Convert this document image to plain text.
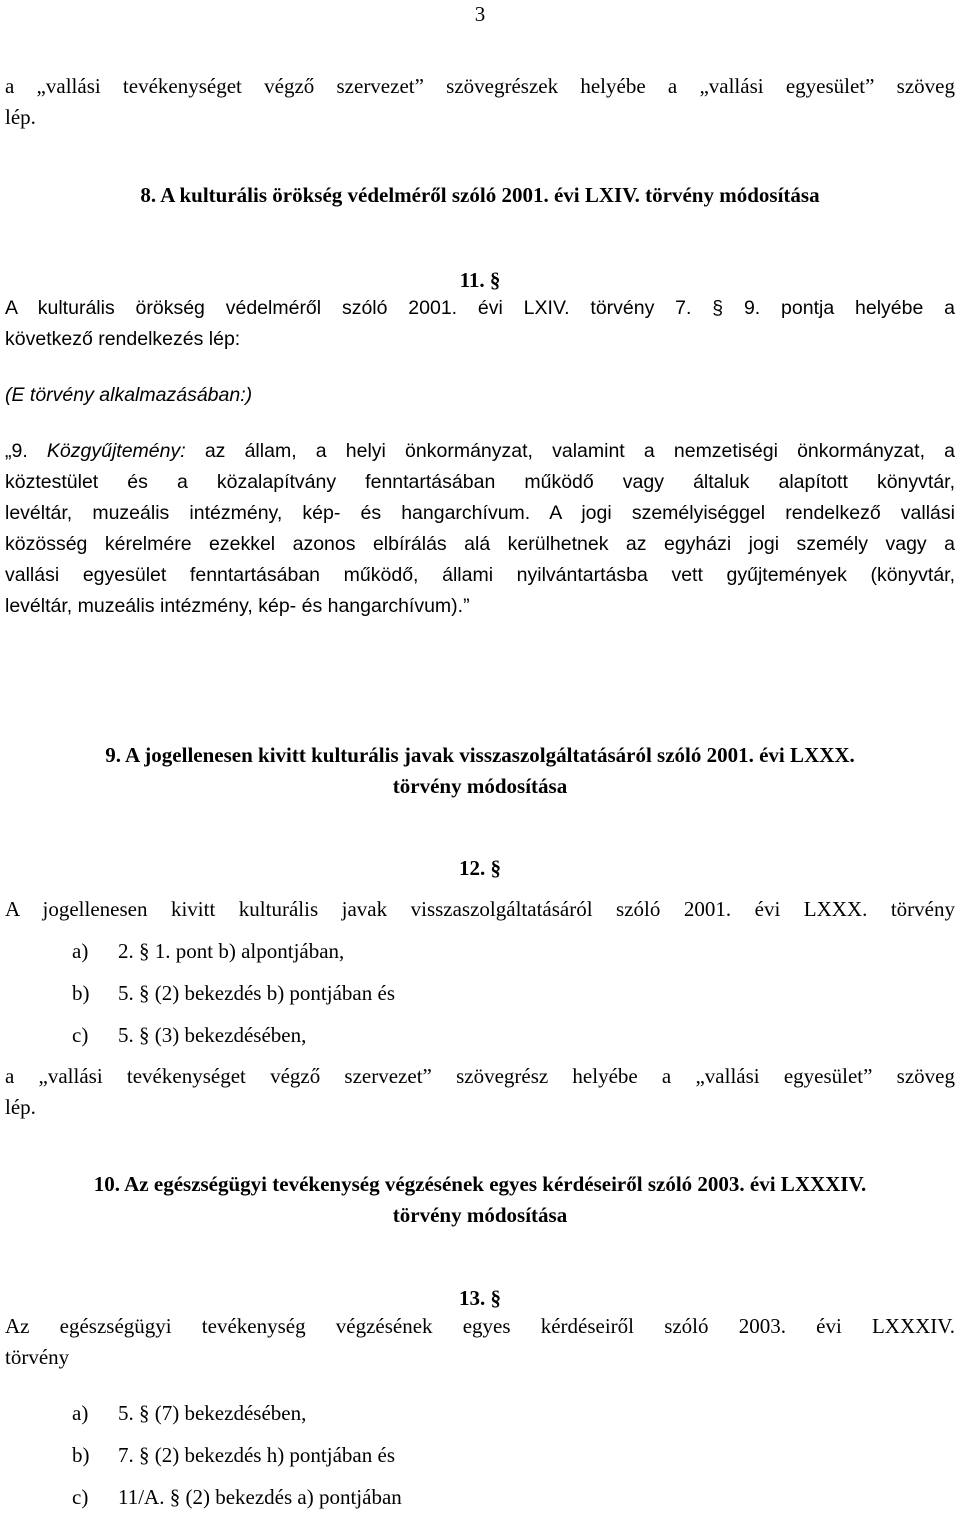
3
a „vallási tevékenységet végző szervezet” szövegrészek helyébe a „vallási egyesület” szöveg
lép.
8. A kulturális örökség védelméről szóló 2001. évi LXIV. törvény módosítása
11. §
A kulturális örökség védelméről szóló 2001. évi LXIV. törvény 7. § 9. pontja helyébe a
következő rendelkezés lép:
(E törvény alkalmazásában:)
„9. Közgyűjtemény: az állam, a helyi önkormányzat, valamint a nemzetiségi önkormányzat, a
köztestület és a közalapítvány fenntartásában működő vagy általuk alapított könyvtár,
levéltár, muzeális intézmény, kép- és hangarchívum. A jogi személyiséggel rendelkező vallási
közösség kérelmére ezekkel azonos elbírálás alá kerülhetnek az egyházi jogi személy vagy a
vallási egyesület fenntartásában működő, állami nyilvántartásba vett gyűjtemények (könyvtár,
levéltár, muzeális intézmény, kép- és hangarchívum).”
9. A jogellenesen kivitt kulturális javak visszaszolgáltatásáról szóló 2001. évi LXXX.
törvény módosítása
12. §
A jogellenesen kivitt kulturális javak visszaszolgáltatásáról szóló 2001. évi LXXX. törvény
a) 2. § 1. pont b) alpontjában,
b) 5. § (2) bekezdés b) pontjában és
c) 5. § (3) bekezdésében,
a „vallási tevékenységet végző szervezet” szövegrész helyébe a „vallási egyesület” szöveg
lép.
10. Az egészségügyi tevékenység végzésének egyes kérdéseiről szóló 2003. évi LXXXIV.
törvény módosítása
13. §
Az egészségügyi tevékenység végzésének egyes kérdéseiről szóló 2003. évi LXXXIV.
törvény
a) 5. § (7) bekezdésében,
b) 7. § (2) bekezdés h) pontjában és
c) 11/A. § (2) bekezdés a) pontjában
